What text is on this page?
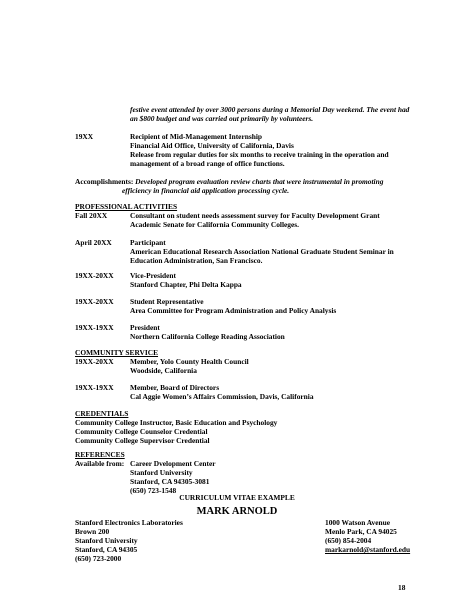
festive event attended by over 3000 persons during a Memorial Day weekend. The event had
an $800 budget and was carried out primarily by volunteers.
19XX	Recipient of Mid-Management Internship
Financial Aid Office, University of California, Davis
Release from regular duties for six months to receive training in the operation and
management of a broad range of office functions.
Accomplishments: Developed program evaluation review charts that were instrumental in promoting
efficiency in financial aid application processing cycle.
PROFESSIONAL ACTIVITIES
Fall 20XX	Consultant on student needs assessment survey for Faculty Development Grant
Academic Senate for California Community Colleges.
April 20XX Participant
American Educational Research Association National Graduate Student Seminar in
Education Administration, San Francisco.
19XX-20XX Vice-President
Stanford Chapter, Phi Delta Kappa
19XX-20XX Student Representative
Area Committee for Program Administration and Policy Analysis
19XX-19XX President
Northern California College Reading Association
COMMUNITY SERVICE
19XX-20XX Member, Yolo County Health Council
Woodside, California
19XX-19XX Member, Board of Directors
Cal Aggie Women’s Affairs Commission, Davis, California
CREDENTIALS
Community College Instructor, Basic Education and Psychology
Community College Counselor Credential
Community College Supervisor Credential
REFERENCES
Available from: Career Dvelopment Center
Stanford University
Stanford, CA 94305-3081
(650) 723-1548
CURRICULUM VITAE EXAMPLE
MARK ARNOLD
Stanford Electronics Laboratories
Brown 200
Stanford University
Stanford, CA 94305
(650) 723-2000
1000 Watson Avenue
Menlo Park, CA 94025
(650) 854-2004
markarnold@stanford.edu
18
